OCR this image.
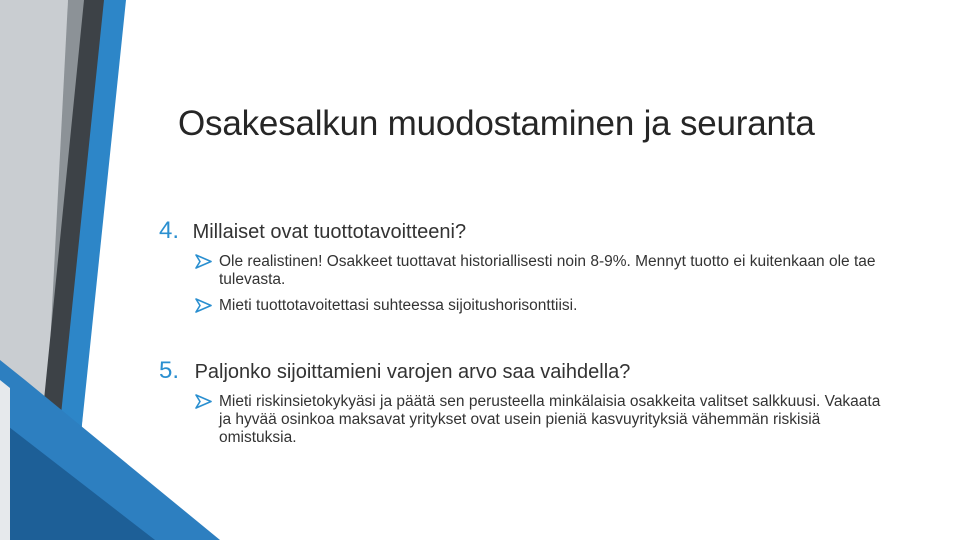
Osakesalkun muodostaminen ja seuranta
4. Millaiset ovat tuottotavoitteeni?
Ole realistinen! Osakkeet tuottavat historiallisesti noin 8-9%. Mennyt tuotto ei kuitenkaan ole tae tulevasta.
Mieti tuottotavoitettasi suhteessa sijoitushorisonttiisi.
5. Paljonko sijoittamieni varojen arvo saa vaihdella?
Mieti riskinsietokykyäsi ja päätä sen perusteella minkälaisia osakkeita valitset salkkuusi. Vakaata ja hyvää osinkoa maksavat yritykset ovat usein pieniä kasvuyrityksiä vähemmän riskisiä omistuksia.
